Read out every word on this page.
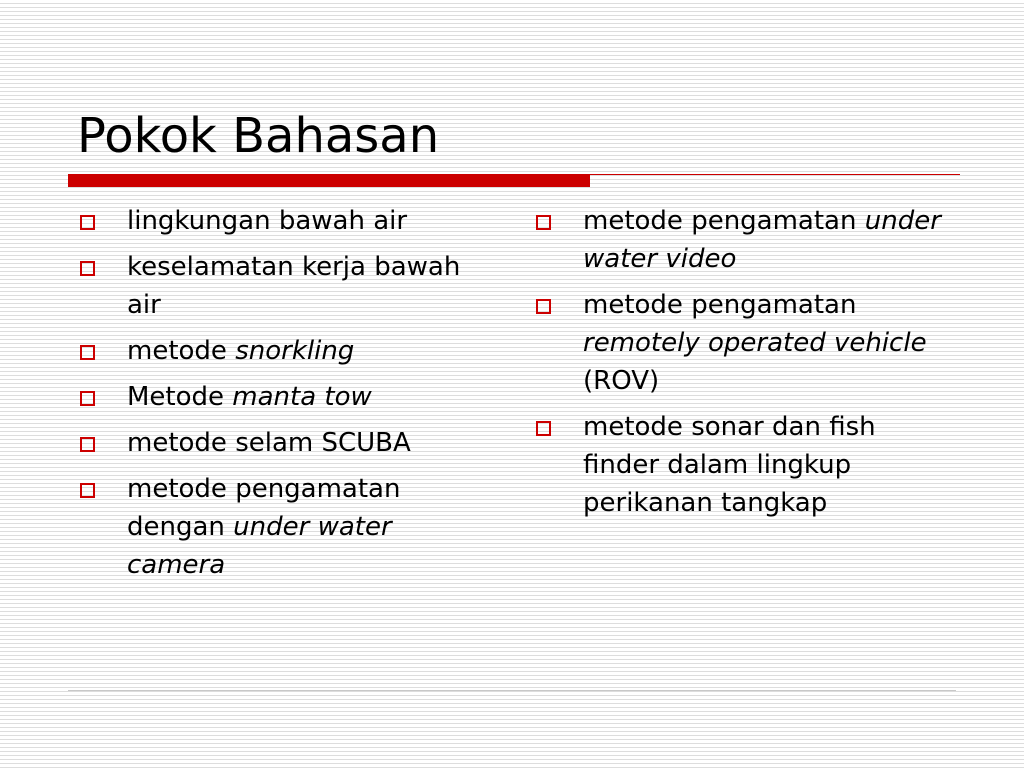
Pokok Bahasan
lingkungan bawah air
keselamatan kerja bawah air
metode snorkling
Metode manta tow
metode selam SCUBA
metode pengamatan dengan under water camera
metode pengamatan under water video
metode pengamatan remotely operated vehicle (ROV)
metode sonar dan fish finder dalam lingkup perikanan tangkap
